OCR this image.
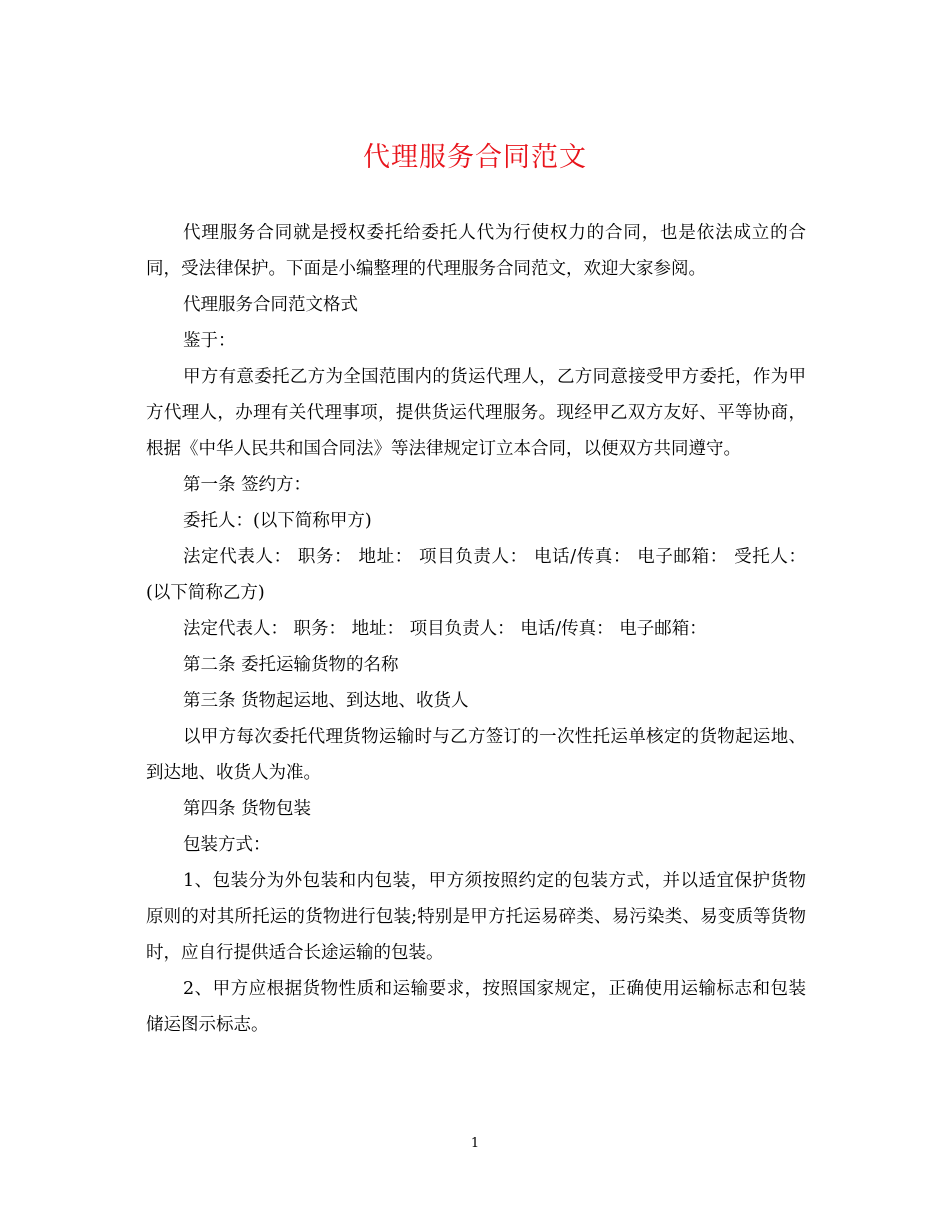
代理服务合同范文

代理服务合同就是授权委托给委托人代为行使权力的合同，也是依法成立的合同，受法律保护。下面是小编整理的代理服务合同范文，欢迎大家参阅。

代理服务合同范文格式

鉴于：

甲方有意委托乙方为全国范围内的货运代理人，乙方同意接受甲方委托，作为甲方代理人，办理有关代理事项，提供货运代理服务。现经甲乙双方友好、平等协商，根据《中华人民共和国合同法》等法律规定订立本合同，以便双方共同遵守。

第一条 签约方：

委托人：(以下简称甲方)

法定代表人： 职务： 地址： 项目负责人： 电话/传真： 电子邮箱： 受托人：(以下简称乙方)

法定代表人： 职务： 地址： 项目负责人： 电话/传真： 电子邮箱：

第二条 委托运输货物的名称

第三条 货物起运地、到达地、收货人

以甲方每次委托代理货物运输时与乙方签订的一次性托运单核定的货物起运地、到达地、收货人为准。

第四条 货物包装

包装方式：

1、包装分为外包装和内包装，甲方须按照约定的包装方式，并以适宜保护货物原则的对其所托运的货物进行包装;特别是甲方托运易碎类、易污染类、易变质等货物时，应自行提供适合长途运输的包装。

2、甲方应根据货物性质和运输要求，按照国家规定，正确使用运输标志和包装储运图示标志。

1
